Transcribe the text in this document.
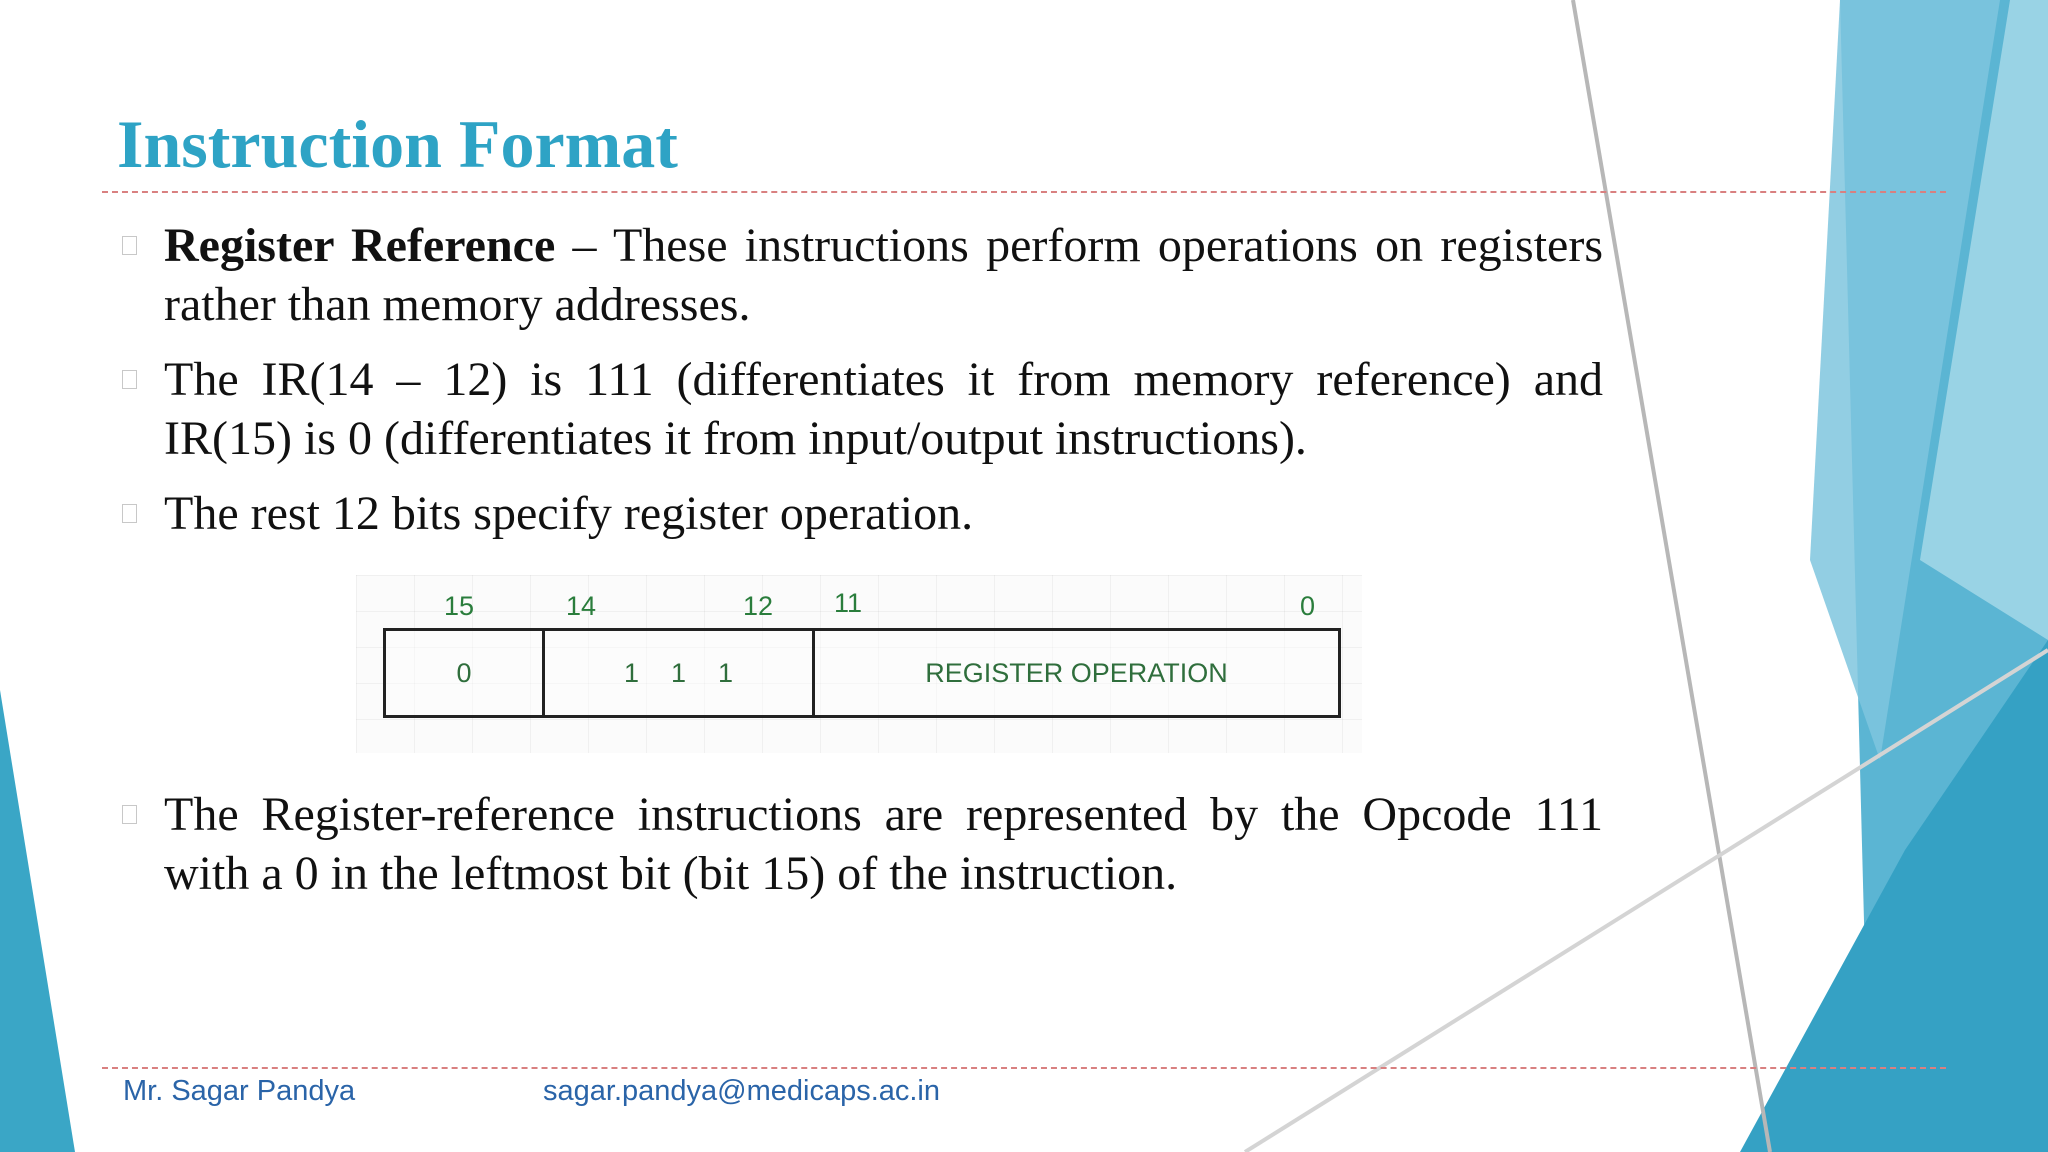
Instruction Format
Register Reference – These instructions perform operations on registers rather than memory addresses.
The IR(14 – 12) is 111 (differentiates it from memory reference) and IR(15) is 0 (differentiates it from input/output instructions).
The rest 12 bits specify register operation.
15	14	12 11	0
0	1 1 1	REGISTER OPERATION
The Register-reference instructions are represented by the Opcode 111 with a 0 in the leftmost bit (bit 15) of the instruction.
Mr. Sagar Pandya	sagar.pandya@medicaps.ac.in
